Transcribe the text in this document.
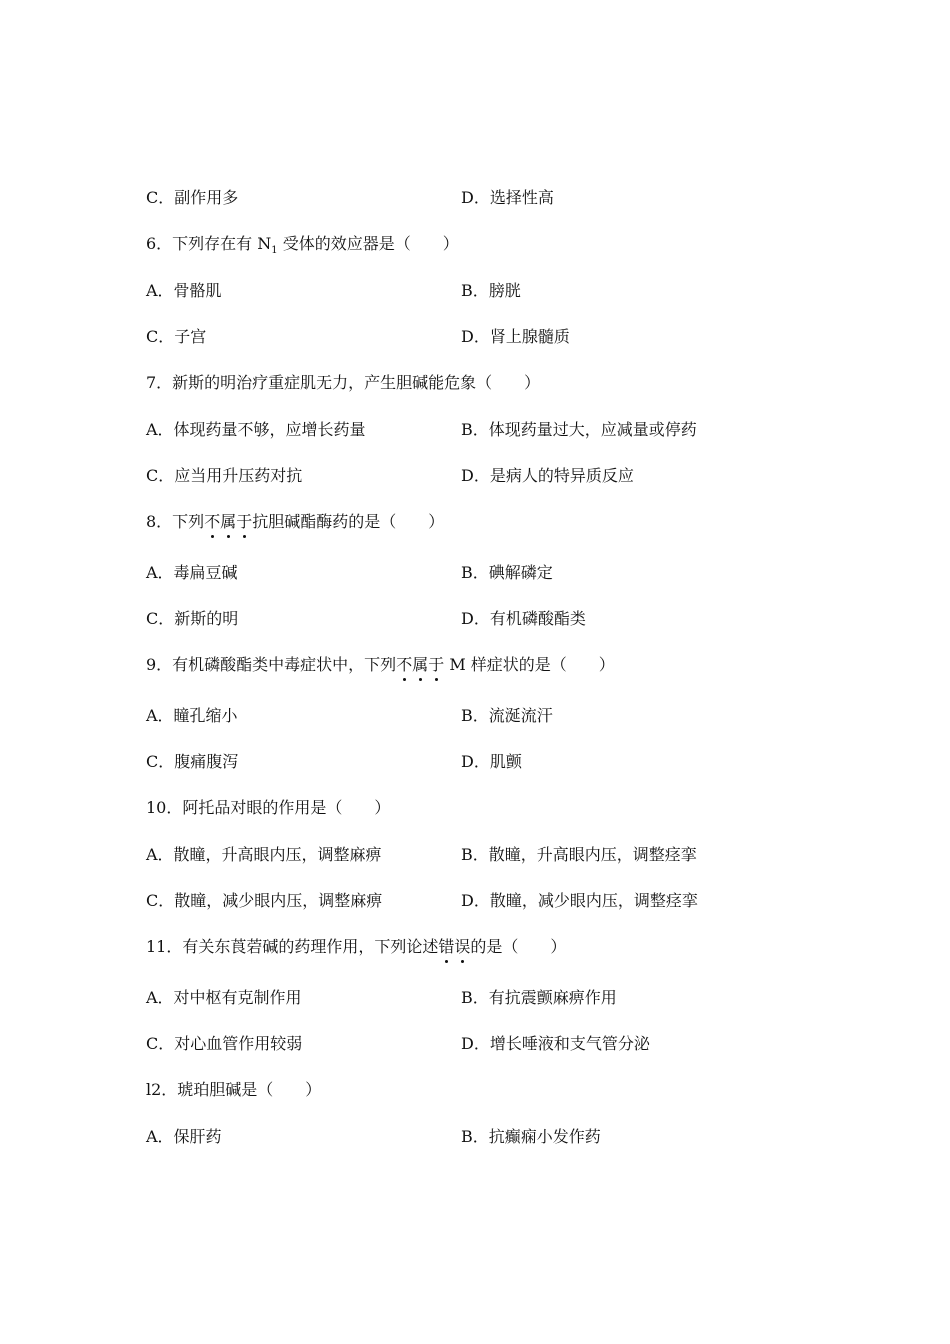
C．副作用多	D．选择性高
6．下列存在有 $N_1$ 受体的效应器是（　　）
A．骨骼肌	B．膀胱
C．子宫	D．肾上腺髓质
7．新斯的明治疗重症肌无力，产生胆碱能危象（　　）
A．体现药量不够，应增长药量	B．体现药量过大，应减量或停药
C．应当用升压药对抗	D．是病人的特异质反应
8．下列不属于抗胆碱酯酶药的是（　　）
A．毒扁豆碱	B．碘解磷定
C．新斯的明	D．有机磷酸酯类
9．有机磷酸酯类中毒症状中，下列不属于 M 样症状的是（　　）
A．瞳孔缩小	B．流涎流汗
C．腹痛腹泻	D．肌颤
10．阿托品对眼的作用是（　　）
A．散瞳，升高眼内压，调整麻痹	B．散瞳，升高眼内压，调整痉挛
C．散瞳，减少眼内压，调整麻痹	D．散瞳，减少眼内压，调整痉挛
11．有关东莨菪碱的药理作用，下列论述错误的是（　　）
A．对中枢有克制作用	B．有抗震颤麻痹作用
C．对心血管作用较弱	D．增长唾液和支气管分泌
l2．琥珀胆碱是（　　）
A．保肝药	B．抗癫痫小发作药
